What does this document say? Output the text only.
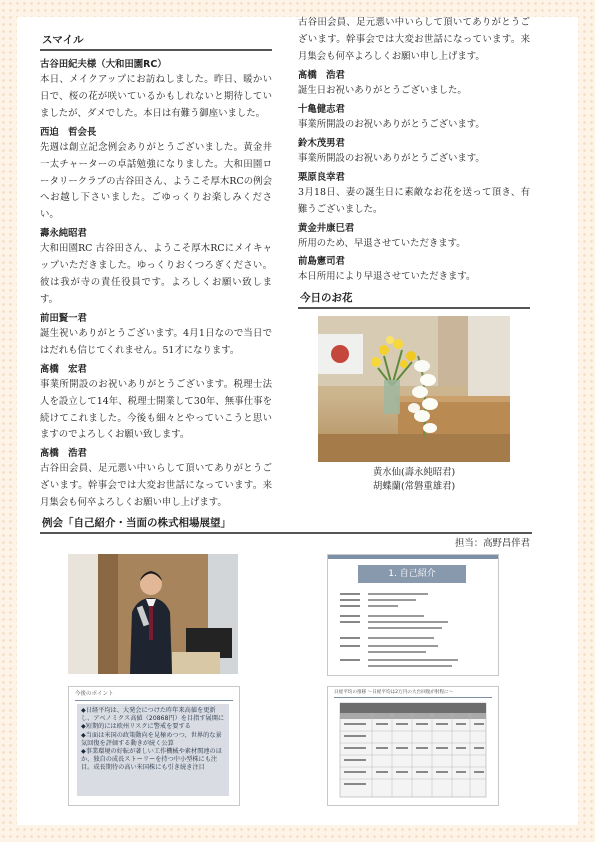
スマイル
古谷田紀夫様（大和田園RC）

本日、メイクアップにお訪ねしました。昨日、暖かい日で、桜の花が咲いているかもしれないと期待していましたが、ダメでした。本日は有難う御座いました。

西迫　哲会長

先週は創立記念例会ありがとうございました。黄金井一太チャーターの卓話勉強になりました。大和田園ロータリークラブの古谷田さん、ようこそ厚木RCの例会へお越し下さいました。ごゆっくりお楽しみください。

壽永純昭君

大和田園RC 古谷田さん、ようこそ厚木RCにメイキャップいただきました。ゆっくりおくつろぎください。彼は我が寺の責任役員です。よろしくお願い致します。

前田賢一君

誕生祝いありがとうございます。4月1日なので当日ではだれも信じてくれません。51才になります。

髙橋　宏君

事業所開設のお祝いありがとうございます。税理士法人を設立して14年、税理士開業して30年、無事仕事を続けてこれました。今後も細々とやっていこうと思いますのでよろしくお願い致します。

髙橋　浩君

古谷田会員、足元悪い中いらして頂いてありがとうございます。幹事会では大変お世話になっています。来月集会も何卒よろしくお願い申し上げます。

古谷田会員、足元悪い中いらして頂いてありがとうございます。幹事会では大変お世話になっています。来月集会も何卒よろしくお願い申し上げます。

髙橋　浩君

誕生日お祝いありがとうございました。

十亀健志君

事業所開設のお祝いありがとうございます。

鈴木茂男君

事業所開設のお祝いありがとうございます。

栗原良幸君

3月18日、妻の誕生日に素敵なお花を送って頂き、有難うございました。

黄金井康巳君

所用のため、早退させていただきます。

前島憲司君

本日所用により早退させていただきます。

今日のお花
黄水仙(壽永純昭君)
胡蝶蘭(常磐重雄君)
例会「自己紹介・当面の株式相場展望」
担当：高野昌伴君
1. 自己紹介
今後のポイント
◆日経平均は、大発会につけた昨年来高値を更新し、アベノミクス高値（20868円）を目指す展開に
◆短期的には欧州リスクに警戒を要する
◆当面は米国の政策動向を見極めつつ、世界的な景気回復を評価する動きが続く公算
◆事業環境の好転が著しい工作機械や素材関連のほか、独自の成長ストーリーを持つ中小型株にも注目。成長期待の高い米国株にも引き続き注目
日経平均の推移 ～日経平均は2万円の大台回復が射程に～
